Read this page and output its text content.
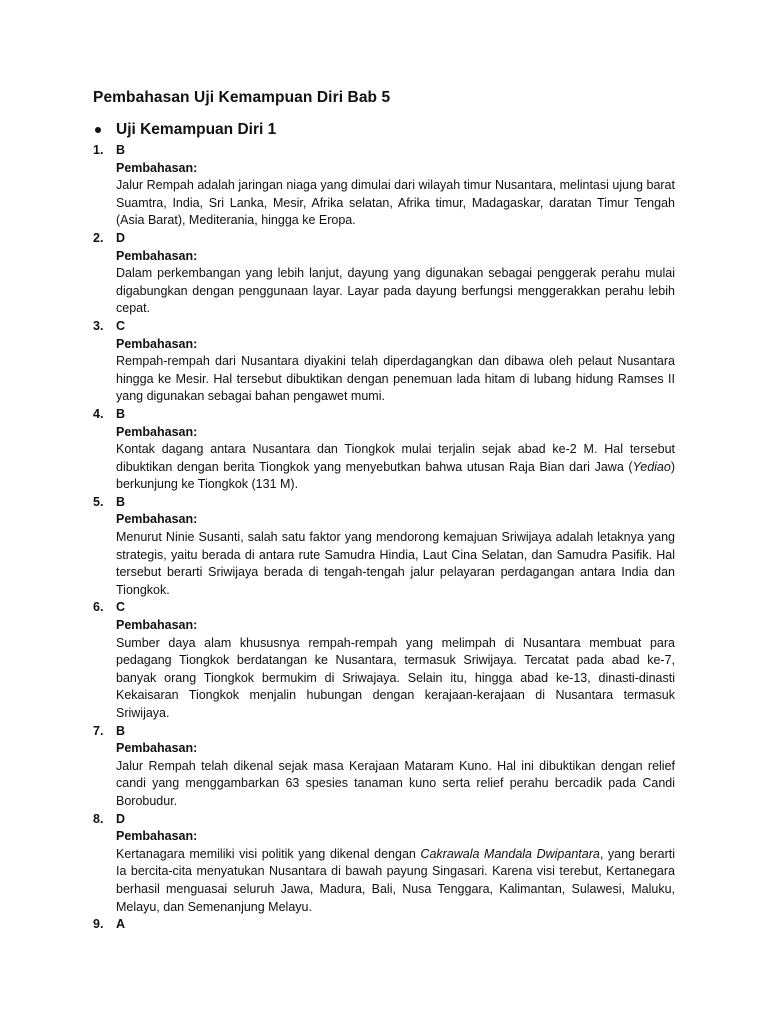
Pembahasan Uji Kemampuan Diri Bab 5
Uji Kemampuan Diri 1
1. B
Pembahasan:
Jalur Rempah adalah jaringan niaga yang dimulai dari wilayah timur Nusantara, melintasi ujung barat Suamtra, India, Sri Lanka, Mesir, Afrika selatan, Afrika timur, Madagaskar, daratan Timur Tengah (Asia Barat), Mediterania, hingga ke Eropa.
2. D
Pembahasan:
Dalam perkembangan yang lebih lanjut, dayung yang digunakan sebagai penggerak perahu mulai digabungkan dengan penggunaan layar. Layar pada dayung berfungsi menggerakkan perahu lebih cepat.
3. C
Pembahasan:
Rempah-rempah dari Nusantara diyakini telah diperdagangkan dan dibawa oleh pelaut Nusantara hingga ke Mesir. Hal tersebut dibuktikan dengan penemuan lada hitam di lubang hidung Ramses II yang digunakan sebagai bahan pengawet mumi.
4. B
Pembahasan:
Kontak dagang antara Nusantara dan Tiongkok mulai terjalin sejak abad ke-2 M. Hal tersebut dibuktikan dengan berita Tiongkok yang menyebutkan bahwa utusan Raja Bian dari Jawa (Yediao) berkunjung ke Tiongkok (131 M).
5. B
Pembahasan:
Menurut Ninie Susanti, salah satu faktor yang mendorong kemajuan Sriwijaya adalah letaknya yang strategis, yaitu berada di antara rute Samudra Hindia, Laut Cina Selatan, dan Samudra Pasifik. Hal tersebut berarti Sriwijaya berada di tengah-tengah jalur pelayaran perdagangan antara India dan Tiongkok.
6. C
Pembahasan:
Sumber daya alam khususnya rempah-rempah yang melimpah di Nusantara membuat para pedagang Tiongkok berdatangan ke Nusantara, termasuk Sriwijaya. Tercatat pada abad ke-7, banyak orang Tiongkok bermukim di Sriwajaya. Selain itu, hingga abad ke-13, dinasti-dinasti Kekaisaran Tiongkok menjalin hubungan dengan kerajaan-kerajaan di Nusantara termasuk Sriwijaya.
7. B
Pembahasan:
Jalur Rempah telah dikenal sejak masa Kerajaan Mataram Kuno. Hal ini dibuktikan dengan relief candi yang menggambarkan 63 spesies tanaman kuno serta relief perahu bercadik pada Candi Borobudur.
8. D
Pembahasan:
Kertanagara memiliki visi politik yang dikenal dengan Cakrawala Mandala Dwipantara, yang berarti Ia bercita-cita menyatukan Nusantara di bawah payung Singasari. Karena visi terebut, Kertanegara berhasil menguasai seluruh Jawa, Madura, Bali, Nusa Tenggara, Kalimantan, Sulawesi, Maluku, Melayu, dan Semenanjung Melayu.
9. A
